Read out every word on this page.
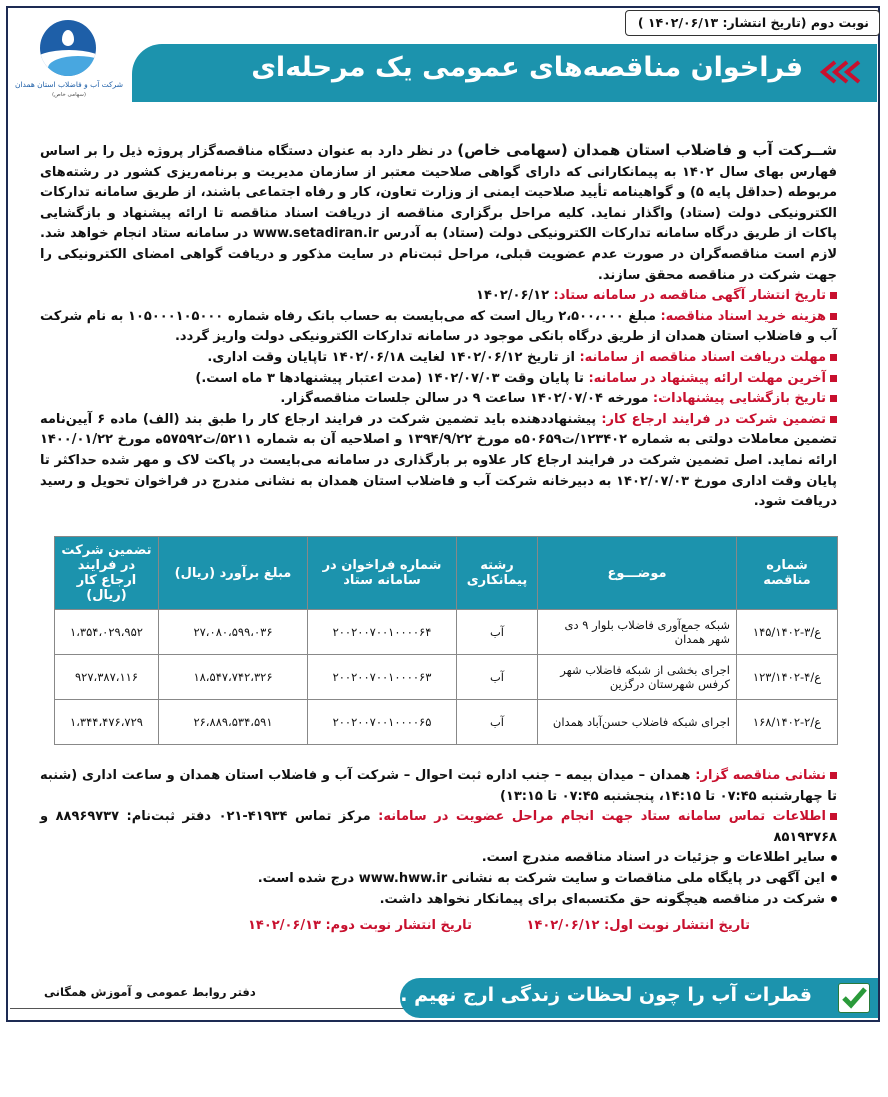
نوبت دوم (تاریخ انتشار: ۱۴۰۲/۰۶/۱۳ )
شرکت آب و فاضلاب استان همدان
(سهامی خاص)
فراخوان مناقصه‌های عمومی یک مرحله‌ای

شــرکت آب و فاضلاب استان همدان (سهامی خاص) در نظر دارد به عنوان دستگاه مناقصه‌گزار پروژه ذیل را بر اساس فهارس بهای سال ۱۴۰۲ به پیمانکارانی که دارای گواهی صلاحیت معتبر از سازمان مدیریت و برنامه‌ریزی کشور در رشته‌های مربوطه (حداقل پایه ۵) و گواهینامه تأیید صلاحیت ایمنی از وزارت تعاون، کار و رفاه اجتماعی باشند، از طریق سامانه تدارکات الکترونیکی دولت (ستاد) واگذار نماید. کلیه مراحل برگزاری مناقصه از دریافت اسناد مناقصه تا ارائه پیشنهاد و بازگشایی پاکات از طریق درگاه سامانه تدارکات الکترونیکی دولت (ستاد) به آدرس www.setadiran.ir در سامانه ستاد انجام خواهد شد. لازم است مناقصه‌گران در صورت عدم عضویت قبلی، مراحل ثبت‌نام در سایت مذکور و دریافت گواهی امضای الکترونیکی را جهت شرکت در مناقصه محقق سازند.

تاریخ انتشار آگهی مناقصه در سامانه ستاد: ۱۴۰۲/۰۶/۱۲

هزینه خرید اسناد مناقصه: مبلغ ۲،۵۰۰،۰۰۰ ریال است که می‌بایست به حساب بانک رفاه شماره ۱۰۵۰۰۰۱۰۵۰۰۰ به نام شرکت آب و فاضلاب استان همدان از طریق درگاه بانکی موجود در سامانه تدارکات الکترونیکی دولت واریز گردد.

مهلت دریافت اسناد مناقصه از سامانه: از تاریخ ۱۴۰۲/۰۶/۱۲ لغایت ۱۴۰۲/۰۶/۱۸ تاپایان وقت اداری.

آخرین مهلت ارائه پیشنهاد در سامانه: تا پایان وقت ۱۴۰۲/۰۷/۰۳ (مدت اعتبار پیشنهادها ۳ ماه است.)

تاریخ بازگشایی پیشنهادات: مورخه ۱۴۰۲/۰۷/۰۴ ساعت ۹ در سالن جلسات مناقصه‌گزار.

تضمین شرکت در فرایند ارجاع کار: پیشنهاددهنده باید تضمین شرکت در فرایند ارجاع کار را طبق بند (الف) ماده ۶ آیین‌نامه تضمین معاملات دولتی به شماره ۱۲۳۴۰۲/ت۵۰۶۵۹ه مورخ ۱۳۹۴/۹/۲۲ و اصلاحیه آن به شماره ۵۲۱۱/ت۵۷۵۹۲ه مورخ ۱۴۰۰/۰۱/۲۲ ارائه نماید. اصل تضمین شرکت در فرایند ارجاع کار علاوه بر بارگذاری در سامانه می‌بایست در پاکت لاک و مهر شده حداکثر تا پایان وقت اداری مورخ ۱۴۰۲/۰۷/۰۳ به دبیرخانه شرکت آب و فاضلاب استان همدان به نشانی مندرج در فراخوان تحویل و رسید دریافت شود.

شماره مناقصه	موضـــوع	رشته پیمانکاری	شماره فراخوان در سامانه ستاد	مبلغ برآورد (ریال)	تضمین شرکت در فرایند ارجاع کار (ریال)
ع/۳-۱۴۵/۱۴۰۲	شبکه جمع‌آوری فاضلاب بلوار ۹ دی شهر همدان	آب	۲۰۰۲۰۰۷۰۰۱۰۰۰۰۶۴	۲۷،۰۸۰،۵۹۹،۰۳۶	۱،۳۵۴،۰۲۹،۹۵۲
ع/۴-۱۲۳/۱۴۰۲	اجرای بخشی از شبکه فاضلاب شهر کرفس شهرستان درگزین	آب	۲۰۰۲۰۰۷۰۰۱۰۰۰۰۶۳	۱۸،۵۴۷،۷۴۲،۳۲۶	۹۲۷،۳۸۷،۱۱۶
ع/۲-۱۶۸/۱۴۰۲	اجرای شبکه فاضلاب حسن‌آباد همدان	آب	۲۰۰۲۰۰۷۰۰۱۰۰۰۰۶۵	۲۶،۸۸۹،۵۳۴،۵۹۱	۱،۳۴۴،۴۷۶،۷۲۹

نشانی مناقصه گزار: همدان – میدان بیمه – جنب اداره ثبت احوال – شرکت آب و فاضلاب استان همدان و ساعت اداری (شنبه تا چهارشنبه ۰۷:۴۵ تا ۱۴:۱۵، پنجشنبه ۰۷:۴۵ تا ۱۳:۱۵)

اطلاعات تماس سامانه ستاد جهت انجام مراحل عضویت در سامانه: مرکز تماس ۴۱۹۳۴-۰۲۱ دفتر ثبت‌نام: ۸۸۹۶۹۷۳۷ و ۸۵۱۹۳۷۶۸

سایر اطلاعات و جزئیات در اسناد مناقصه مندرج است.

این آگهی در پایگاه ملی مناقصات و سایت شرکت به نشانی www.hww.ir درج شده است.

شرکت در مناقصه هیچگونه حق مکتسبه‌ای برای پیمانکار نخواهد داشت.

تاریخ انتشار نوبت اول: ۱۴۰۲/۰۶/۱۲ تاریخ انتشار نوبت دوم: ۱۴۰۲/۰۶/۱۳
دفتر روابط عمومی و آموزش همگانی	قطرات آب را چون لحظات زندگی ارج نهیم .
